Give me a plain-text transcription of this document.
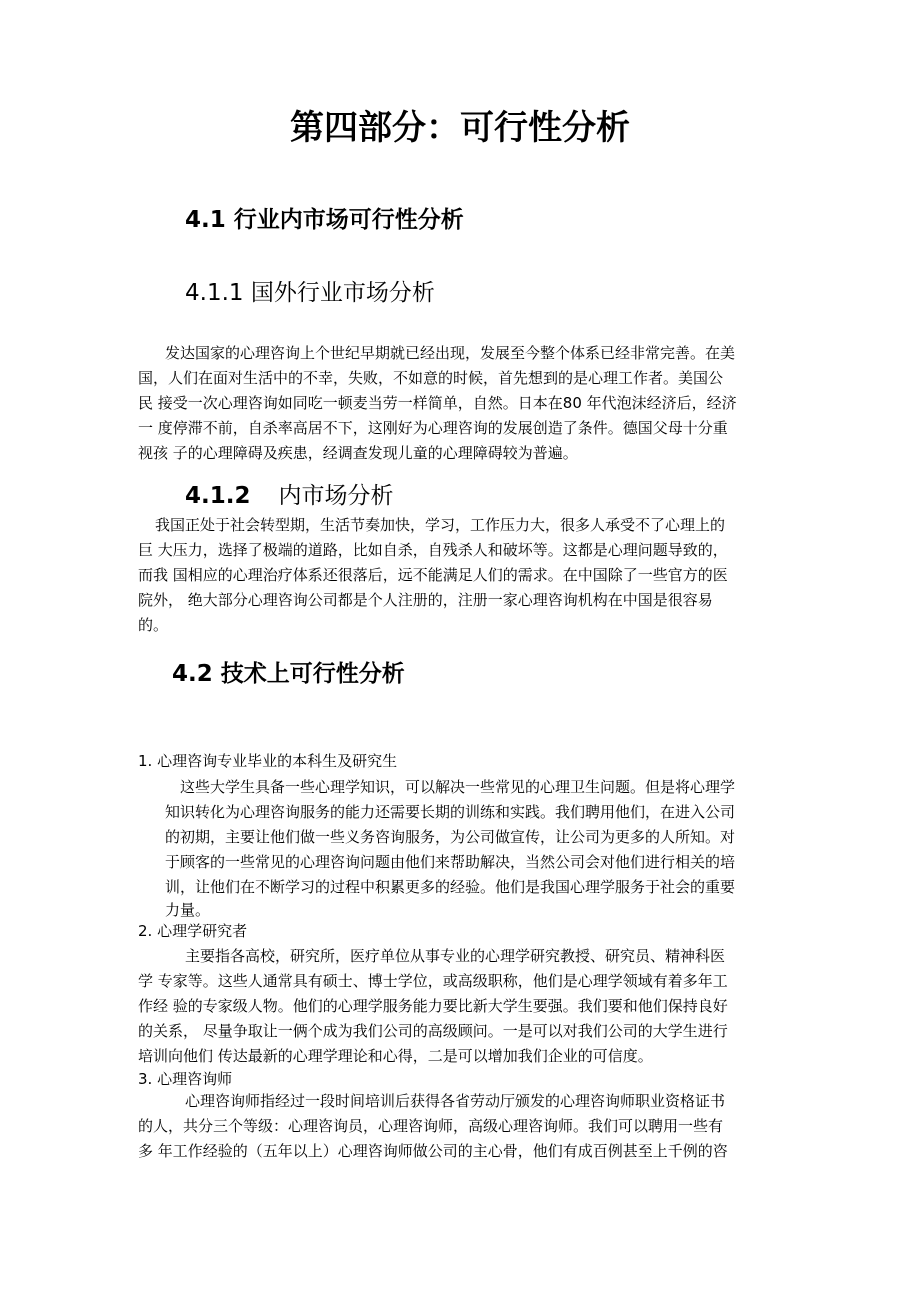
第四部分：可行性分析
4.1 行业内市场可行性分析
4.1.1 国外行业市场分析
发达国家的心理咨询上个世纪早期就已经出现，发展至今整个体系已经非常完善。在美
国，人们在面对生活中的不幸，失败，不如意的时候，首先想到的是心理工作者。美国公
民 接受一次心理咨询如同吃一顿麦当劳一样简单，自然。日本在80 年代泡沫经济后，经济
一 度停滞不前，自杀率高居不下，这刚好为心理咨询的发展创造了条件。德国父母十分重
视孩 子的心理障碍及疾患，经调查发现儿童的心理障碍较为普遍。
4.1.2 内市场分析
我国正处于社会转型期，生活节奏加快，学习，工作压力大，很多人承受不了心理上的
巨 大压力，选择了极端的道路，比如自杀，自残杀人和破坏等。这都是心理问题导致的，
而我 国相应的心理治疗体系还很落后，远不能满足人们的需求。在中国除了一些官方的医
院外， 绝大部分心理咨询公司都是个人注册的，注册一家心理咨询机构在中国是很容易
的。
4.2 技术上可行性分析
1. 心理咨询专业毕业的本科生及研究生
这些大学生具备一些心理学知识，可以解决一些常见的心理卫生问题。但是将心理学
知识转化为心理咨询服务的能力还需要长期的训练和实践。我们聘用他们，在进入公司
的初期，主要让他们做一些义务咨询服务，为公司做宣传，让公司为更多的人所知。对
于顾客的一些常见的心理咨询问题由他们来帮助解决，当然公司会对他们进行相关的培
训，让他们在不断学习的过程中积累更多的经验。他们是我国心理学服务于社会的重要
力量。
2. 心理学研究者
主要指各高校，研究所，医疗单位从事专业的心理学研究教授、研究员、精神科医
学 专家等。这些人通常具有硕士、博士学位，或高级职称，他们是心理学领域有着多年工
作经 验的专家级人物。他们的心理学服务能力要比新大学生要强。我们要和他们保持良好
的关系， 尽量争取让一俩个成为我们公司的高级顾问。一是可以对我们公司的大学生进行
培训向他们 传达最新的心理学理论和心得，二是可以增加我们企业的可信度。
3. 心理咨询师
心理咨询师指经过一段时间培训后获得各省劳动厅颁发的心理咨询师职业资格证书
的人，共分三个等级：心理咨询员，心理咨询师，高级心理咨询师。我们可以聘用一些有
多 年工作经验的（五年以上）心理咨询师做公司的主心骨，他们有成百例甚至上千例的咨
